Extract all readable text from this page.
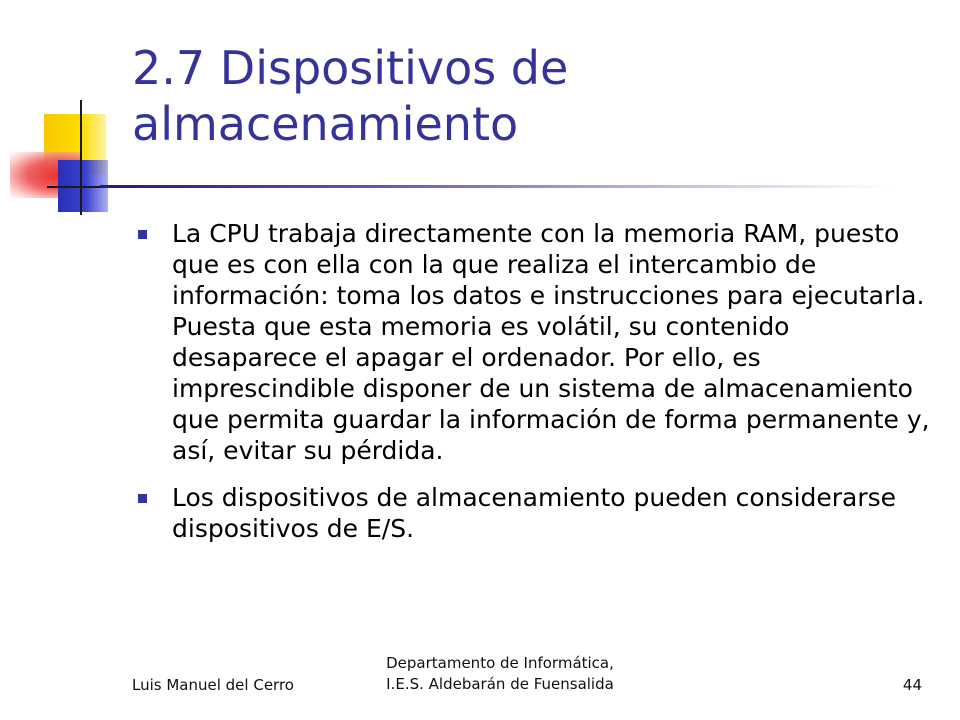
2.7 Dispositivos de almacenamiento
La CPU trabaja directamente con la memoria RAM, puesto que es con ella con la que realiza el intercambio de información: toma los datos e instrucciones para ejecutarla. Puesta que esta memoria es volátil, su contenido desaparece el apagar el ordenador. Por ello, es imprescindible disponer de un sistema de almacenamiento que permita guardar la información de forma permanente y, así, evitar su pérdida.
Los dispositivos de almacenamiento pueden considerarse dispositivos de E/S.
Luis Manuel del Cerro
Departamento de Informática,
I.E.S. Aldebarán de Fuensalida	44
